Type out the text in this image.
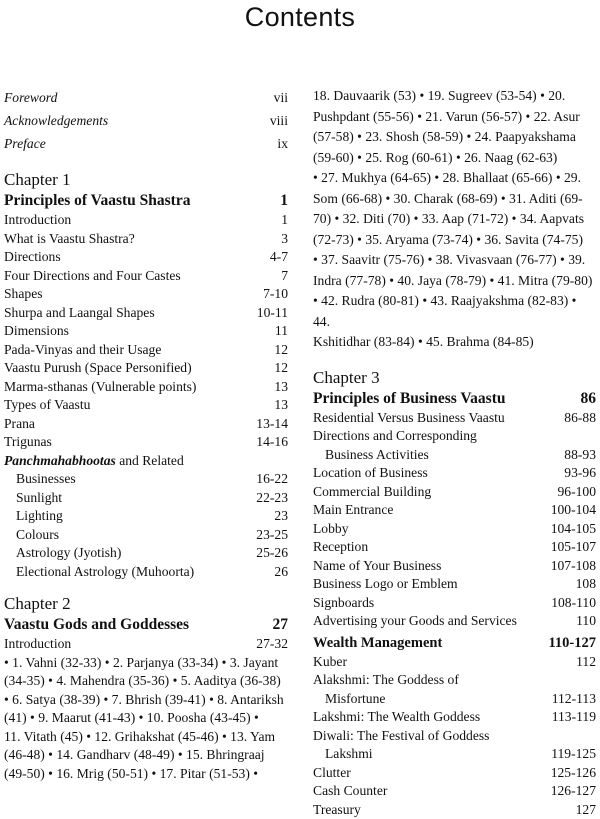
Contents
Foreword	vii
Acknowledgements	viii
Preface	ix
Chapter 1
Principles of Vaastu Shastra	1
Introduction	1
What is Vaastu Shastra?	3
Directions	4-7
Four Directions and Four Castes	7
Shapes	7-10
Shurpa and Laangal Shapes	10-11
Dimensions	11
Pada-Vinyas and their Usage	12
Vaastu Purush (Space Personified)	12
Marma-sthanas (Vulnerable points)	13
Types of Vaastu	13
Prana	13-14
Trigunas	14-16
Panchmahabhootas and Related
Businesses	16-22
Sunlight	22-23
Lighting	23
Colours	23-25
Astrology (Jyotish)	25-26
Electional Astrology (Muhoorta)	26
Chapter 2
Vaastu Gods and Goddesses	27
Introduction	27-32
• 1. Vahni (32-33) • 2. Parjanya (33-34) • 3. Jayant
(34-35) • 4. Mahendra (35-36) • 5. Aaditya (36-38)
• 6. Satya (38-39) • 7. Bhrish (39-41) • 8. Antariksh
(41) • 9. Maarut (41-43) • 10. Poosha (43-45) •
11. Vitath (45) • 12. Grihakshat (45-46) • 13. Yam
(46-48) • 14. Gandharv (48-49) • 15. Bhringraaj
(49-50) • 16. Mrig (50-51) • 17. Pitar (51-53) •
18. Dauvaarik (53) • 19. Sugreev (53-54) • 20.
Pushpdant (55-56) • 21. Varun (56-57) • 22. Asur
(57-58) • 23. Shosh (58-59) • 24. Paapyakshama
(59-60) • 25. Rog (60-61) • 26. Naag (62-63)
• 27. Mukhya (64-65) • 28. Bhallaat (65-66) • 29.
Som (66-68) • 30. Charak (68-69) • 31. Aditi (69-
70) • 32. Diti (70) • 33. Aap (71-72) • 34. Aapvats
(72-73) • 35. Aryama (73-74) • 36. Savita (74-75)
• 37. Saavitr (75-76) • 38. Vivasvaan (76-77) • 39.
Indra (77-78) • 40. Jaya (78-79) • 41. Mitra (79-80)
• 42. Rudra (80-81) • 43. Raajyakshma (82-83) • 44.
Kshitidhar (83-84) • 45. Brahma (84-85)
Chapter 3
Principles of Business Vaastu	86
Residential Versus Business Vaastu	86-88
Directions and Corresponding
Business Activities	88-93
Location of Business	93-96
Commercial Building	96-100
Main Entrance	100-104
Lobby	104-105
Reception	105-107
Name of Your Business	107-108
Business Logo or Emblem	108
Signboards	108-110
Advertising your Goods and Services	110
Wealth Management	110-127
Kuber	112
Alakshmi: The Goddess of
Misfortune	112-113
Lakshmi: The Wealth Goddess	113-119
Diwali: The Festival of Goddess
Lakshmi	119-125
Clutter	125-126
Cash Counter	126-127
Treasury	127
